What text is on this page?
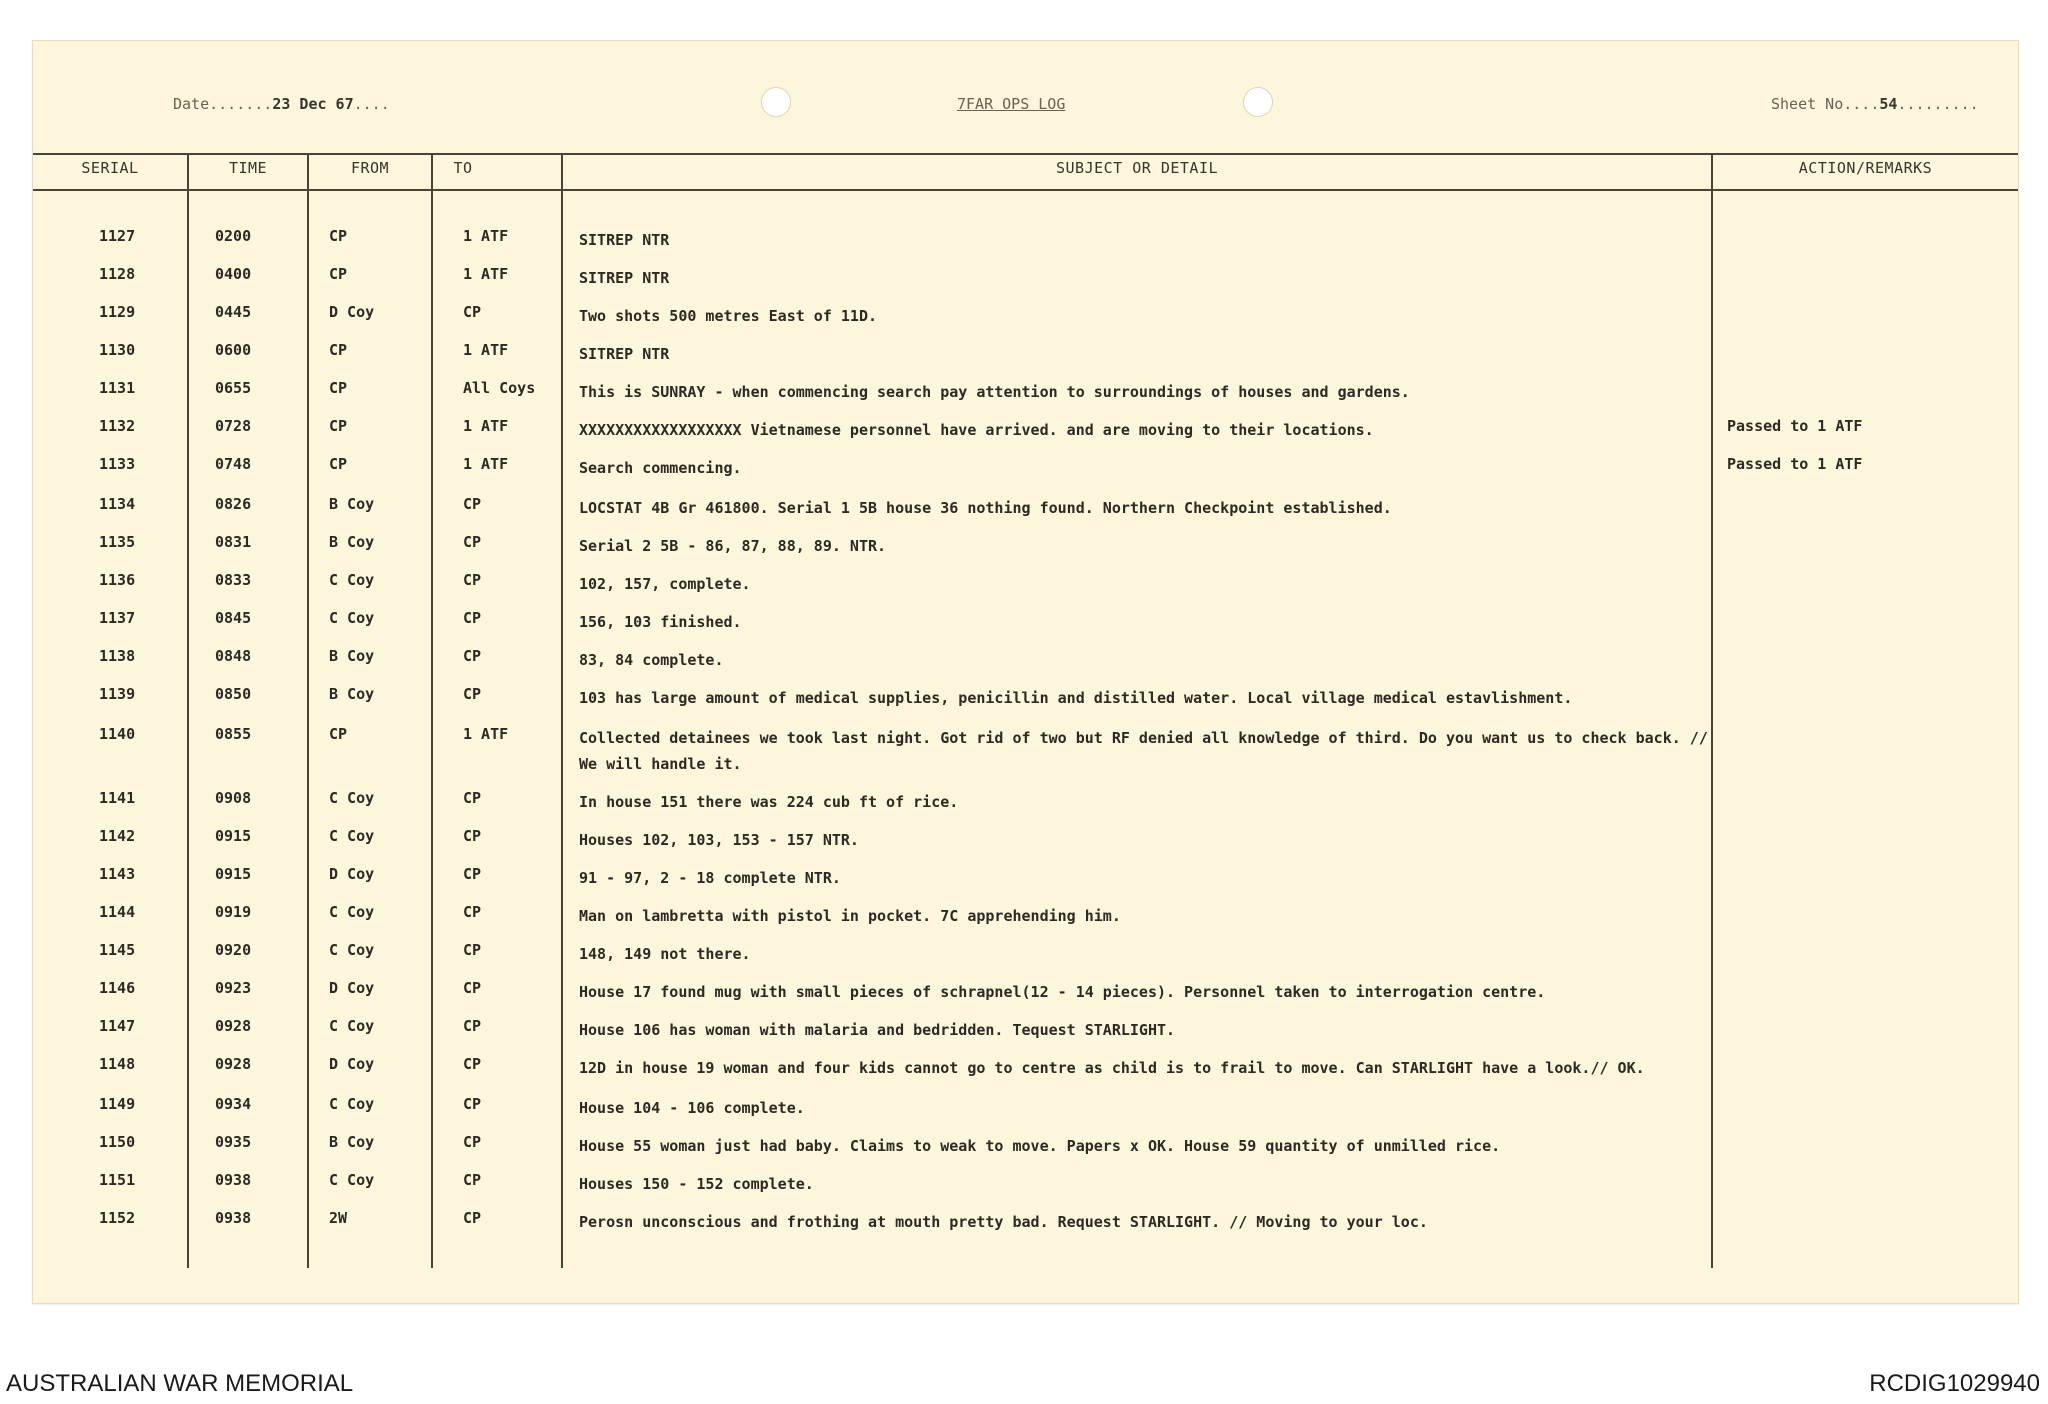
Date.......23 Dec 67....	7FAR OPS LOG	Sheet No....54.........
SERIAL	TIME	FROM	TO	SUBJECT OR DETAIL	ACTION/REMARKS
1127	0200	CP	1 ATF	SITREP NTR
1128	0400	CP	1 ATF	SITREP NTR
1129	0445	D Coy	CP	Two shots 500 metres East of 11D.
1130	0600	CP	1 ATF	SITREP NTR
1131	0655	CP	All Coys	This is SUNRAY - when commencing search pay attention to surroundings of houses and gardens.
1132	0728	CP	1 ATF	XXXXXXXXXXXXXXXXXX Vietnamese personnel have arrived. and are moving to their locations.	Passed to 1 ATF
1133	0748	CP	1 ATF	Search commencing.	Passed to 1 ATF
1134	0826	B Coy	CP	LOCSTAT 4B Gr 461800. Serial 1 5B house 36 nothing found. Northern Checkpoint established.
1135	0831	B Coy	CP	Serial 2 5B - 86, 87, 88, 89. NTR.
1136	0833	C Coy	CP	102, 157, complete.
1137	0845	C Coy	CP	156, 103 finished.
1138	0848	B Coy	CP	83, 84 complete.
1139	0850	B Coy	CP	103 has large amount of medical supplies, penicillin and distilled water. Local village medical estavlishment.
1140	0855	CP	1 ATF	Collected detainees we took last night. Got rid of two but RF denied all knowledge of third. Do you want us to check back. // We will handle it.
1141	0908	C Coy	CP	In house 151 there was 224 cub ft of rice.
1142	0915	C Coy	CP	Houses 102, 103, 153 - 157 NTR.
1143	0915	D Coy	CP	91 - 97, 2 - 18 complete NTR.
1144	0919	C Coy	CP	Man on lambretta with pistol in pocket. 7C apprehending him.
1145	0920	C Coy	CP	148, 149 not there.
1146	0923	D Coy	CP	House 17 found mug with small pieces of schrapnel(12 - 14 pieces). Personnel taken to interrogation centre.
1147	0928	C Coy	CP	House 106 has woman with malaria and bedridden. Tequest STARLIGHT.
1148	0928	D Coy	CP	12D in house 19 woman and four kids cannot go to centre as child is to frail to move. Can STARLIGHT have a look.// OK.
1149	0934	C Coy	CP	House 104 - 106 complete.
1150	0935	B Coy	CP	House 55 woman just had baby. Claims to weak to move. Papers x OK. House 59 quantity of unmilled rice.
1151	0938	C Coy	CP	Houses 150 - 152 complete.
1152	0938	2W	CP	Perosn unconscious and frothing at mouth pretty bad. Request STARLIGHT. // Moving to your loc.
AUSTRALIAN WAR MEMORIAL	RCDIG1029940
